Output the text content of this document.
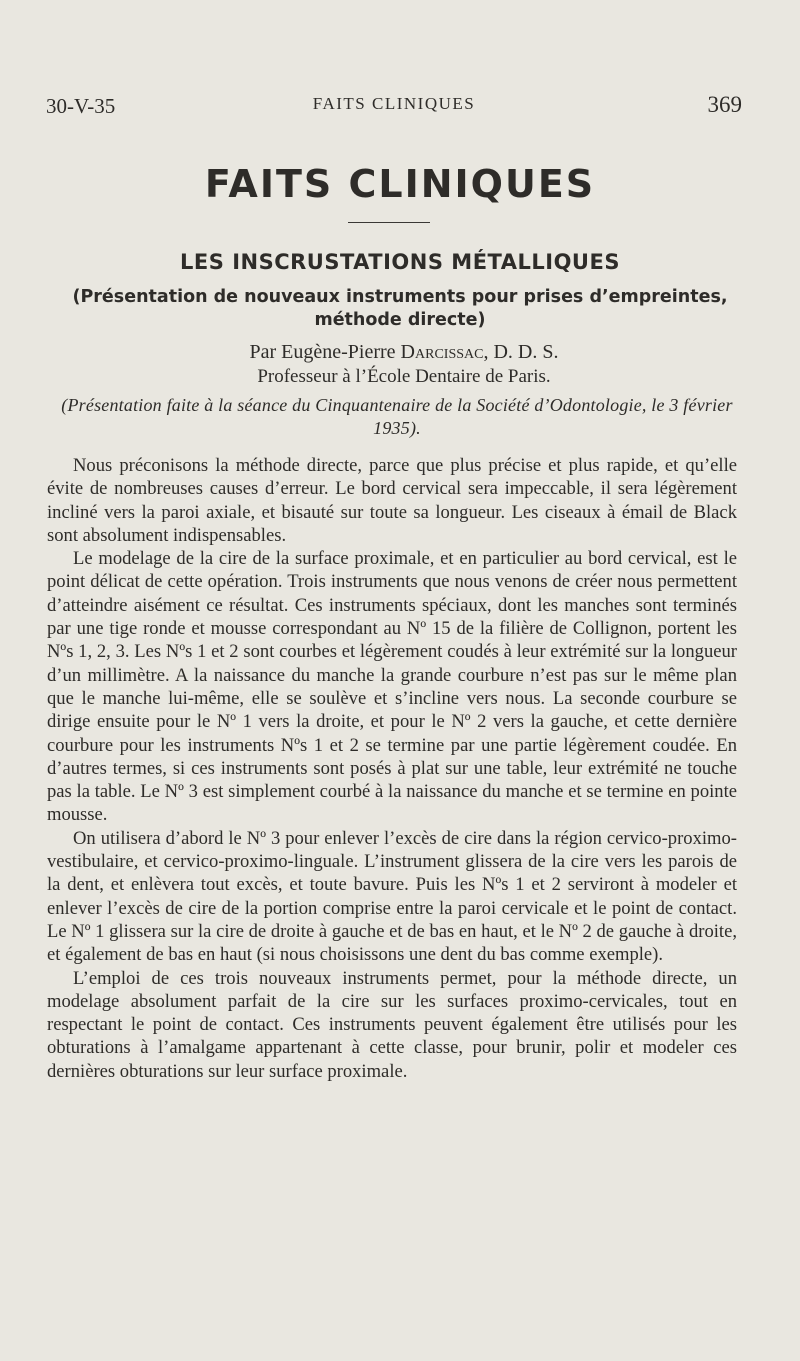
30-V-35	FAITS CLINIQUES	369
FAITS CLINIQUES
LES INSCRUSTATIONS MÉTALLIQUES
(Présentation de nouveaux instruments pour prises d’empreintes, méthode directe)
Par Eugène-Pierre Darcissac, D. D. S.
Professeur à l’École Dentaire de Paris.
(Présentation faite à la séance du Cinquantenaire de la Société d’Odontologie, le 3 février 1935).

Nous préconisons la méthode directe, parce que plus précise et plus rapide, et qu’elle évite de nombreuses causes d’erreur. Le bord cervical sera impeccable, il sera légèrement incliné vers la paroi axiale, et bisauté sur toute sa longueur. Les ciseaux à émail de Black sont absolument indispensables.

Le modelage de la cire de la surface proximale, et en particulier au bord cervical, est le point délicat de cette opération. Trois instruments que nous venons de créer nous permettent d’atteindre aisément ce résultat. Ces instruments spéciaux, dont les manches sont terminés par une tige ronde et mousse correspondant au Nº 15 de la filière de Collignon, portent les Nºs 1, 2, 3. Les Nºs 1 et 2 sont courbes et légèrement coudés à leur extrémité sur la longueur d’un millimètre. A la naissance du manche la grande courbure n’est pas sur le même plan que le manche lui-même, elle se soulève et s’incline vers nous. La seconde courbure se dirige ensuite pour le Nº 1 vers la droite, et pour le Nº 2 vers la gauche, et cette dernière courbure pour les instruments Nºs 1 et 2 se termine par une partie légèrement coudée. En d’autres termes, si ces instruments sont posés à plat sur une table, leur extrémité ne touche pas la table. Le Nº 3 est simplement courbé à la naissance du manche et se termine en pointe mousse.

On utilisera d’abord le Nº 3 pour enlever l’excès de cire dans la région cervico-proximo-vestibulaire, et cervico-proximo-linguale. L’instrument glissera de la cire vers les parois de la dent, et enlèvera tout excès, et toute bavure. Puis les Nºs 1 et 2 serviront à modeler et enlever l’excès de cire de la portion comprise entre la paroi cervicale et le point de contact. Le Nº 1 glissera sur la cire de droite à gauche et de bas en haut, et le Nº 2 de gauche à droite, et également de bas en haut (si nous choisissons une dent du bas comme exemple).

L’emploi de ces trois nouveaux instruments permet, pour la méthode directe, un modelage absolument parfait de la cire sur les surfaces proximo-cervicales, tout en respectant le point de contact. Ces instruments peuvent également être utilisés pour les obturations à l’amalgame appartenant à cette classe, pour brunir, polir et modeler ces dernières obturations sur leur surface proximale.
